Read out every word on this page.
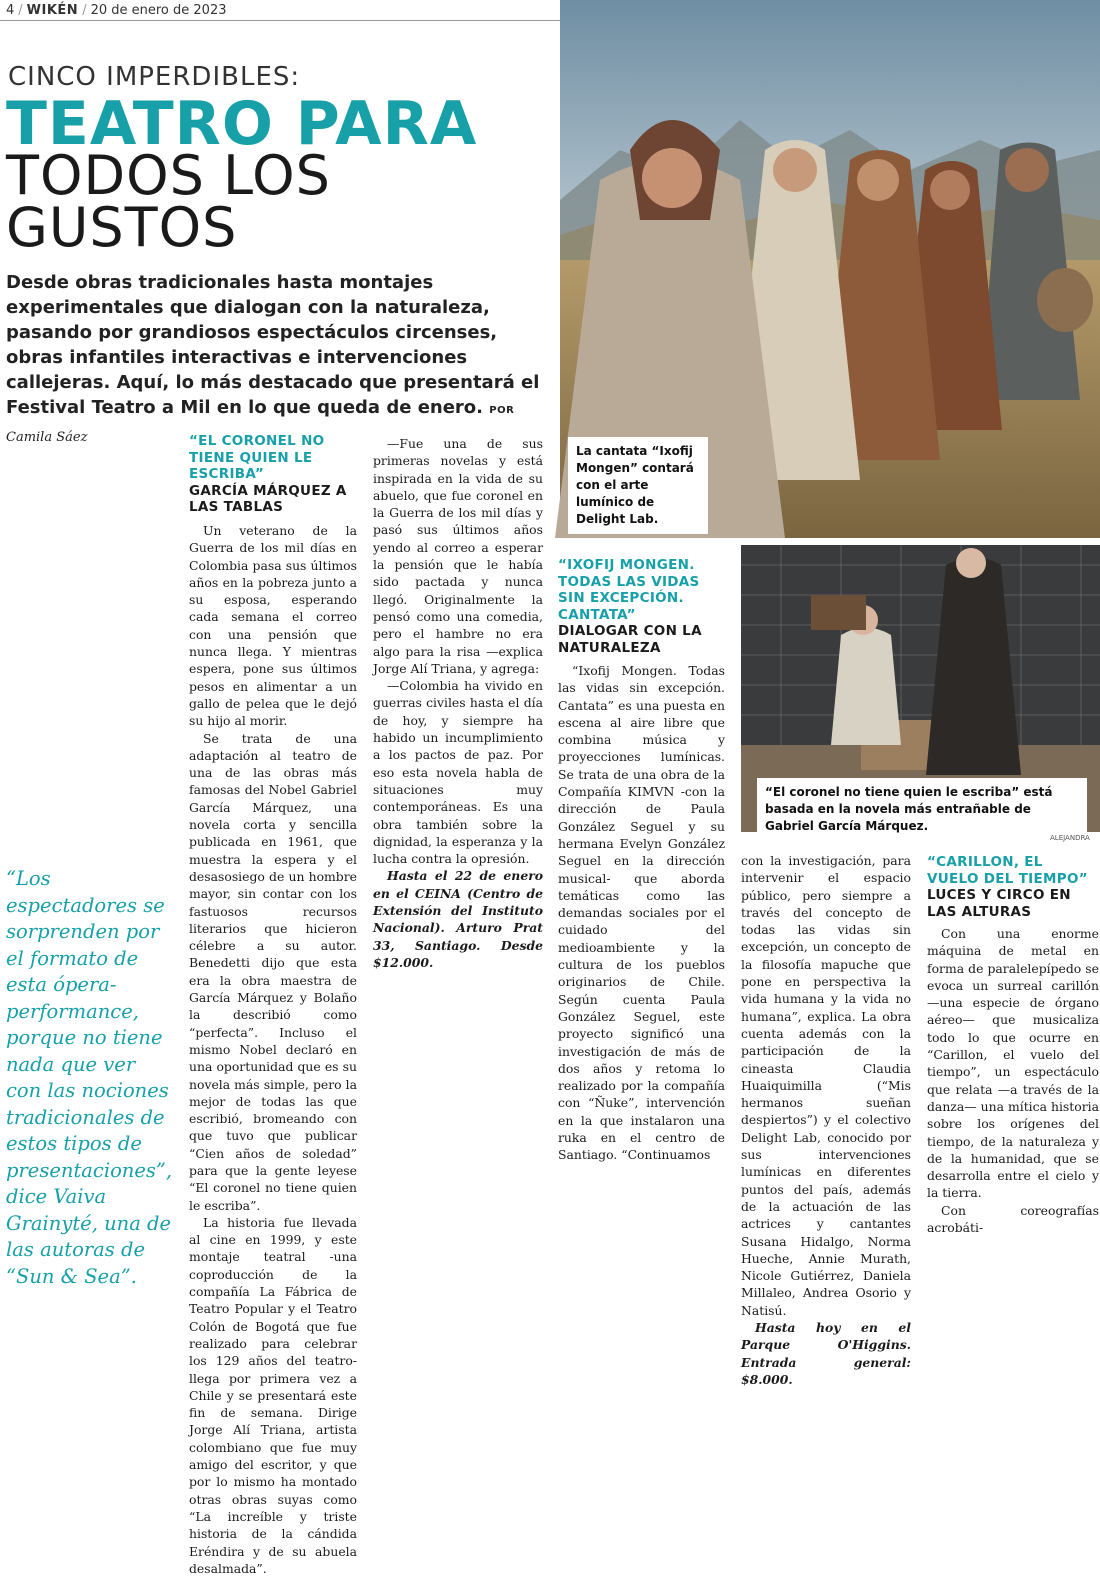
4 / WIKÉN / 20 de enero de 2023
CINCO IMPERDIBLES:
TEATRO PARA
TODOS LOS GUSTOS
Desde obras tradicionales hasta montajes experimentales que dialogan con la naturaleza, pasando por grandiosos espectáculos circenses, obras infantiles interactivas e intervenciones callejeras. Aquí, lo más destacado que presentará el Festival Teatro a Mil en lo que queda de enero. POR Camila Sáez
La cantata “Ixofij Mongen” contará con el arte lumínico de Delight Lab.
“El coronel no tiene quien le escriba” está basada en la novela más entrañable de Gabriel García Márquez.
ALEJANDRA
“Los espectadores se sorprenden por el formato de esta ópera-performance, porque no tiene nada que ver con las nociones tradicionales de estos tipos de presentaciones”, dice Vaiva Grainyté, una de las autoras de “Sun & Sea”.
“EL CORONEL NO TIENE QUIEN LE ESCRIBA”
GARCÍA MÁRQUEZ A LAS TABLAS

Un veterano de la Guerra de los mil días en Colombia pasa sus últimos años en la pobreza junto a su esposa, esperando cada semana el correo con una pensión que nunca llega. Y mientras espera, pone sus últimos pesos en alimentar a un gallo de pelea que le dejó su hijo al morir.

Se trata de una adaptación al teatro de una de las obras más famosas del Nobel Gabriel García Márquez, una novela corta y sencilla publicada en 1961, que muestra la espera y el desasosiego de un hombre mayor, sin contar con los fastuosos recursos literarios que hicieron célebre a su autor. Benedetti dijo que esta era la obra maestra de García Márquez y Bolaño la describió como “perfecta”. Incluso el mismo Nobel declaró en una oportunidad que es su novela más simple, pero la mejor de todas las que escribió, bromeando con que tuvo que publicar “Cien años de soledad” para que la gente leyese “El coronel no tiene quien le escriba”.

La historia fue llevada al cine en 1999, y este montaje teatral -una coproducción de la compañía La Fábrica de Teatro Popular y el Teatro Colón de Bogotá que fue realizado para celebrar los 129 años del teatro- llega por primera vez a Chile y se presentará este fin de semana. Dirige Jorge Alí Triana, artista colombiano que fue muy amigo del escritor, y que por lo mismo ha montado otras obras suyas como “La increíble y triste historia de la cándida Eréndira y de su abuela desalmada”.

—Fue una de sus primeras novelas y está inspirada en la vida de su abuelo, que fue coronel en la Guerra de los mil días y pasó sus últimos años yendo al correo a esperar la pensión que le había sido pactada y nunca llegó. Originalmente la pensó como una comedia, pero el hambre no era algo para la risa —explica Jorge Alí Triana, y agrega:

—Colombia ha vivido en guerras civiles hasta el día de hoy, y siempre ha habido un incumplimiento a los pactos de paz. Por eso esta novela habla de situaciones muy contemporáneas. Es una obra también sobre la dignidad, la esperanza y la lucha contra la opresión.

Hasta el 22 de enero en el CEINA (Centro de Extensión del Instituto Nacional). Arturo Prat 33, Santiago. Desde $12.000.

“IXOFIJ MONGEN. TODAS LAS VIDAS SIN EXCEPCIÓN. CANTATA”
DIALOGAR CON LA NATURALEZA

“Ixofij Mongen. Todas las vidas sin excepción. Cantata” es una puesta en escena al aire libre que combina música y proyecciones lumínicas. Se trata de una obra de la Compañía KIMVN -con la dirección de Paula González Seguel y su hermana Evelyn González Seguel en la dirección musical- que aborda temáticas como las demandas sociales por el cuidado del medioambiente y la cultura de los pueblos originarios de Chile. Según cuenta Paula González Seguel, este proyecto significó una investigación de más de dos años y retoma lo realizado por la compañía con “Ñuke”, intervención en la que instalaron una ruka en el centro de Santiago. “Continuamos

con la investigación, para intervenir el espacio público, pero siempre a través del concepto de todas las vidas sin excepción, un concepto de la filosofía mapuche que pone en perspectiva la vida humana y la vida no humana”, explica. La obra cuenta además con la participación de la cineasta Claudia Huaiquimilla (“Mis hermanos sueñan despiertos”) y el colectivo Delight Lab, conocido por sus intervenciones lumínicas en diferentes puntos del país, además de la actuación de las actrices y cantantes Susana Hidalgo, Norma Hueche, Annie Murath, Nicole Gutiérrez, Daniela Millaleo, Andrea Osorio y Natisú.

Hasta hoy en el Parque O'Higgins. Entrada general: $8.000.

“CARILLON, EL VUELO DEL TIEMPO”
LUCES Y CIRCO EN LAS ALTURAS

Con una enorme máquina de metal en forma de paralelepípedo se evoca un surreal carillón —una especie de órgano aéreo— que musicaliza todo lo que ocurre en “Carillon, el vuelo del tiempo”, un espectáculo que relata —a través de la danza— una mítica historia sobre los orígenes del tiempo, de la naturaleza y de la humanidad, que se desarrolla entre el cielo y la tierra.

Con coreografías acrobáti-
